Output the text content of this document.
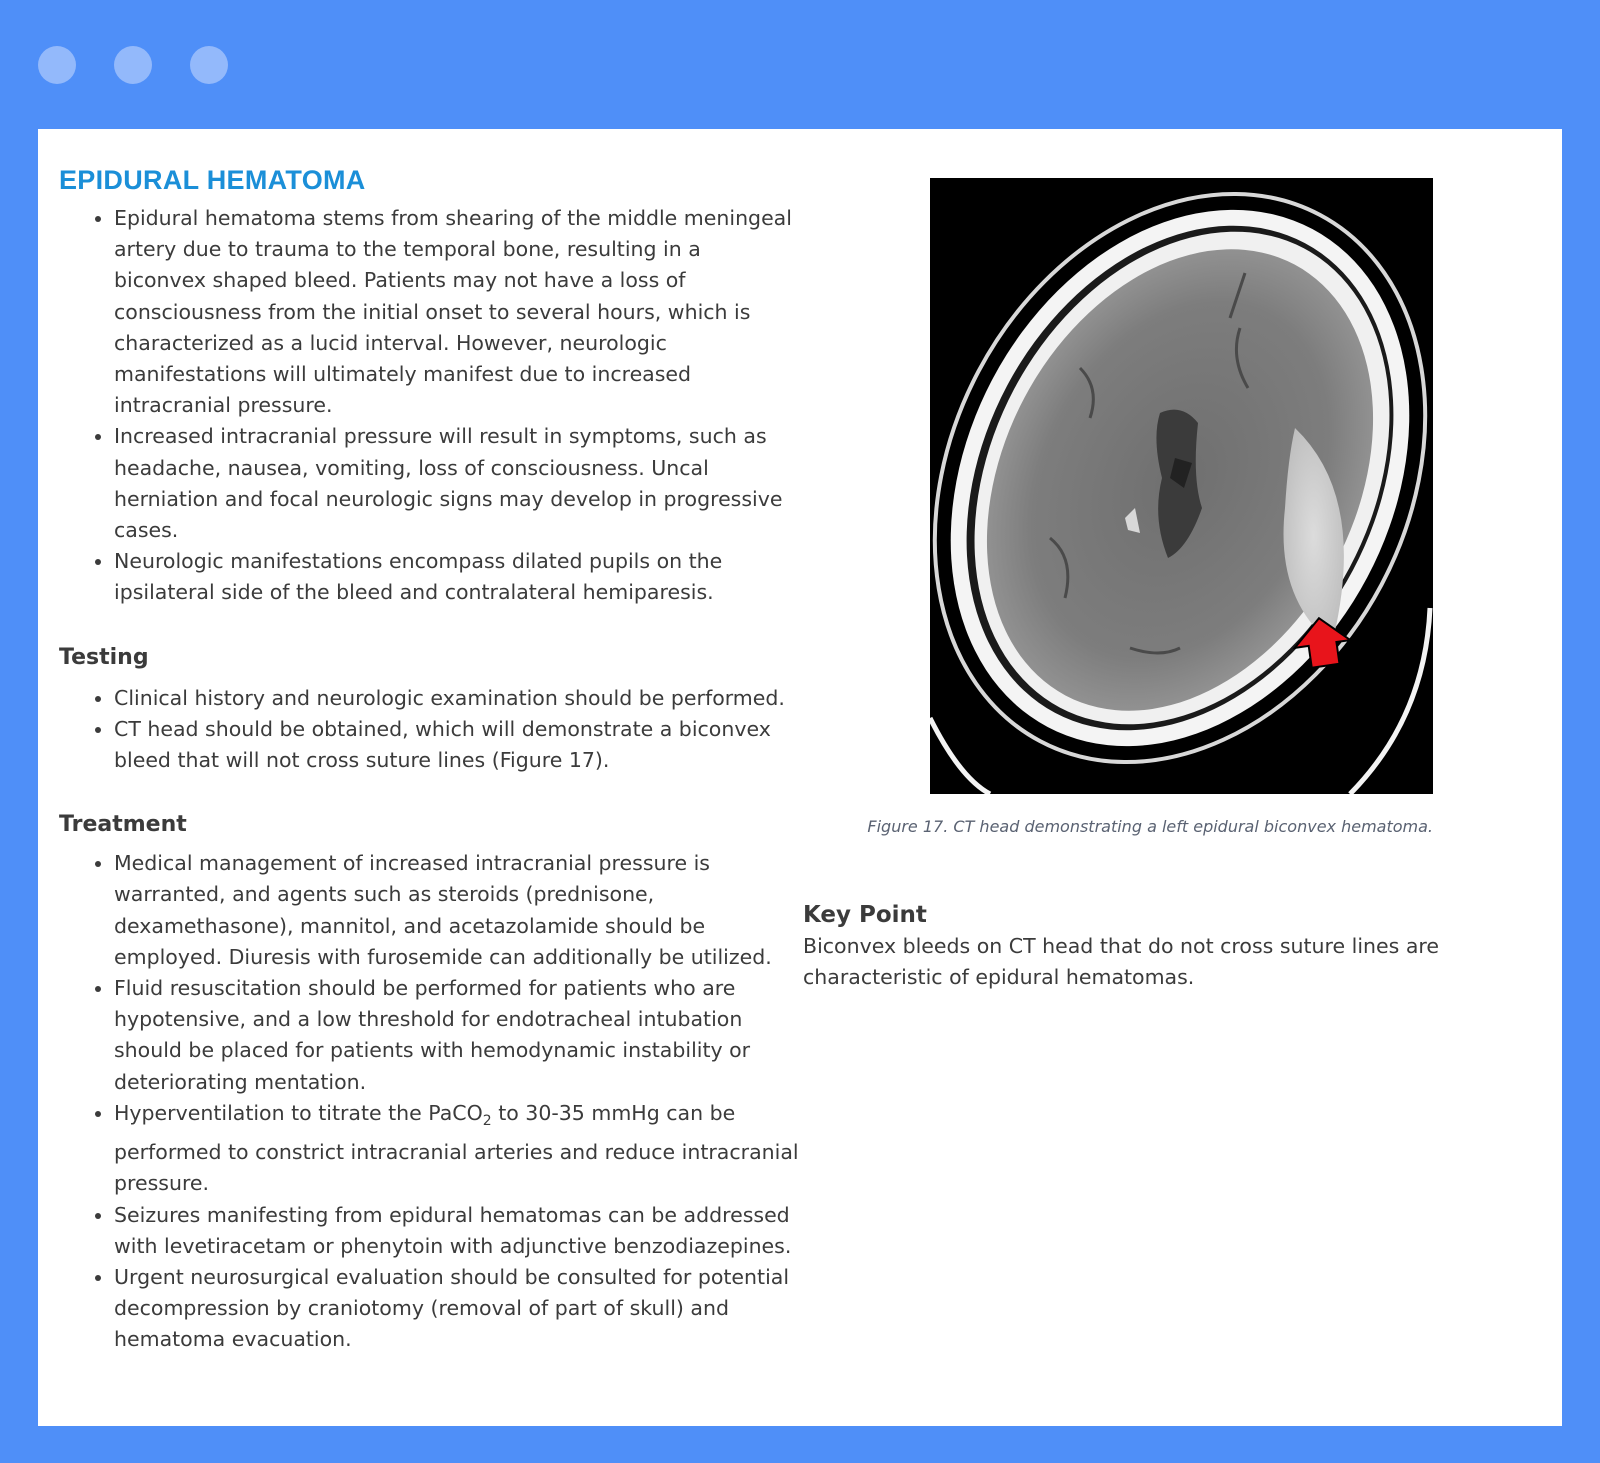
EPIDURAL HEMATOMA
• Epidural hematoma stems from shearing of the middle meningeal artery due to trauma to the temporal bone, resulting in a biconvex shaped bleed. Patients may not have a loss of consciousness from the initial onset to several hours, which is characterized as a lucid interval. However, neurologic manifestations will ultimately manifest due to increased intracranial pressure.
• Increased intracranial pressure will result in symptoms, such as headache, nausea, vomiting, loss of consciousness. Uncal herniation and focal neurologic signs may develop in progressive cases.
• Neurologic manifestations encompass dilated pupils on the ipsilateral side of the bleed and contralateral hemiparesis.
Testing
• Clinical history and neurologic examination should be performed.
• CT head should be obtained, which will demonstrate a biconvex bleed that will not cross suture lines (Figure 17).
Treatment
• Medical management of increased intracranial pressure is warranted, and agents such as steroids (prednisone, dexamethasone), mannitol, and acetazolamide should be employed. Diuresis with furosemide can additionally be utilized.
• Fluid resuscitation should be performed for patients who are hypotensive, and a low threshold for endotracheal intubation should be placed for patients with hemodynamic instability or deteriorating mentation.
• Hyperventilation to titrate the PaCO$_2$ to 30-35 mmHg can be performed to constrict intracranial arteries and reduce intracranial pressure.
• Seizures manifesting from epidural hematomas can be addressed with levetiracetam or phenytoin with adjunctive benzodiazepines.
• Urgent neurosurgical evaluation should be consulted for potential decompression by craniotomy (removal of part of skull) and hematoma evacuation.
Figure 17. CT head demonstrating a left epidural biconvex hematoma.
Key Point

Biconvex bleeds on CT head that do not cross suture lines are characteristic of epidural hematomas.
